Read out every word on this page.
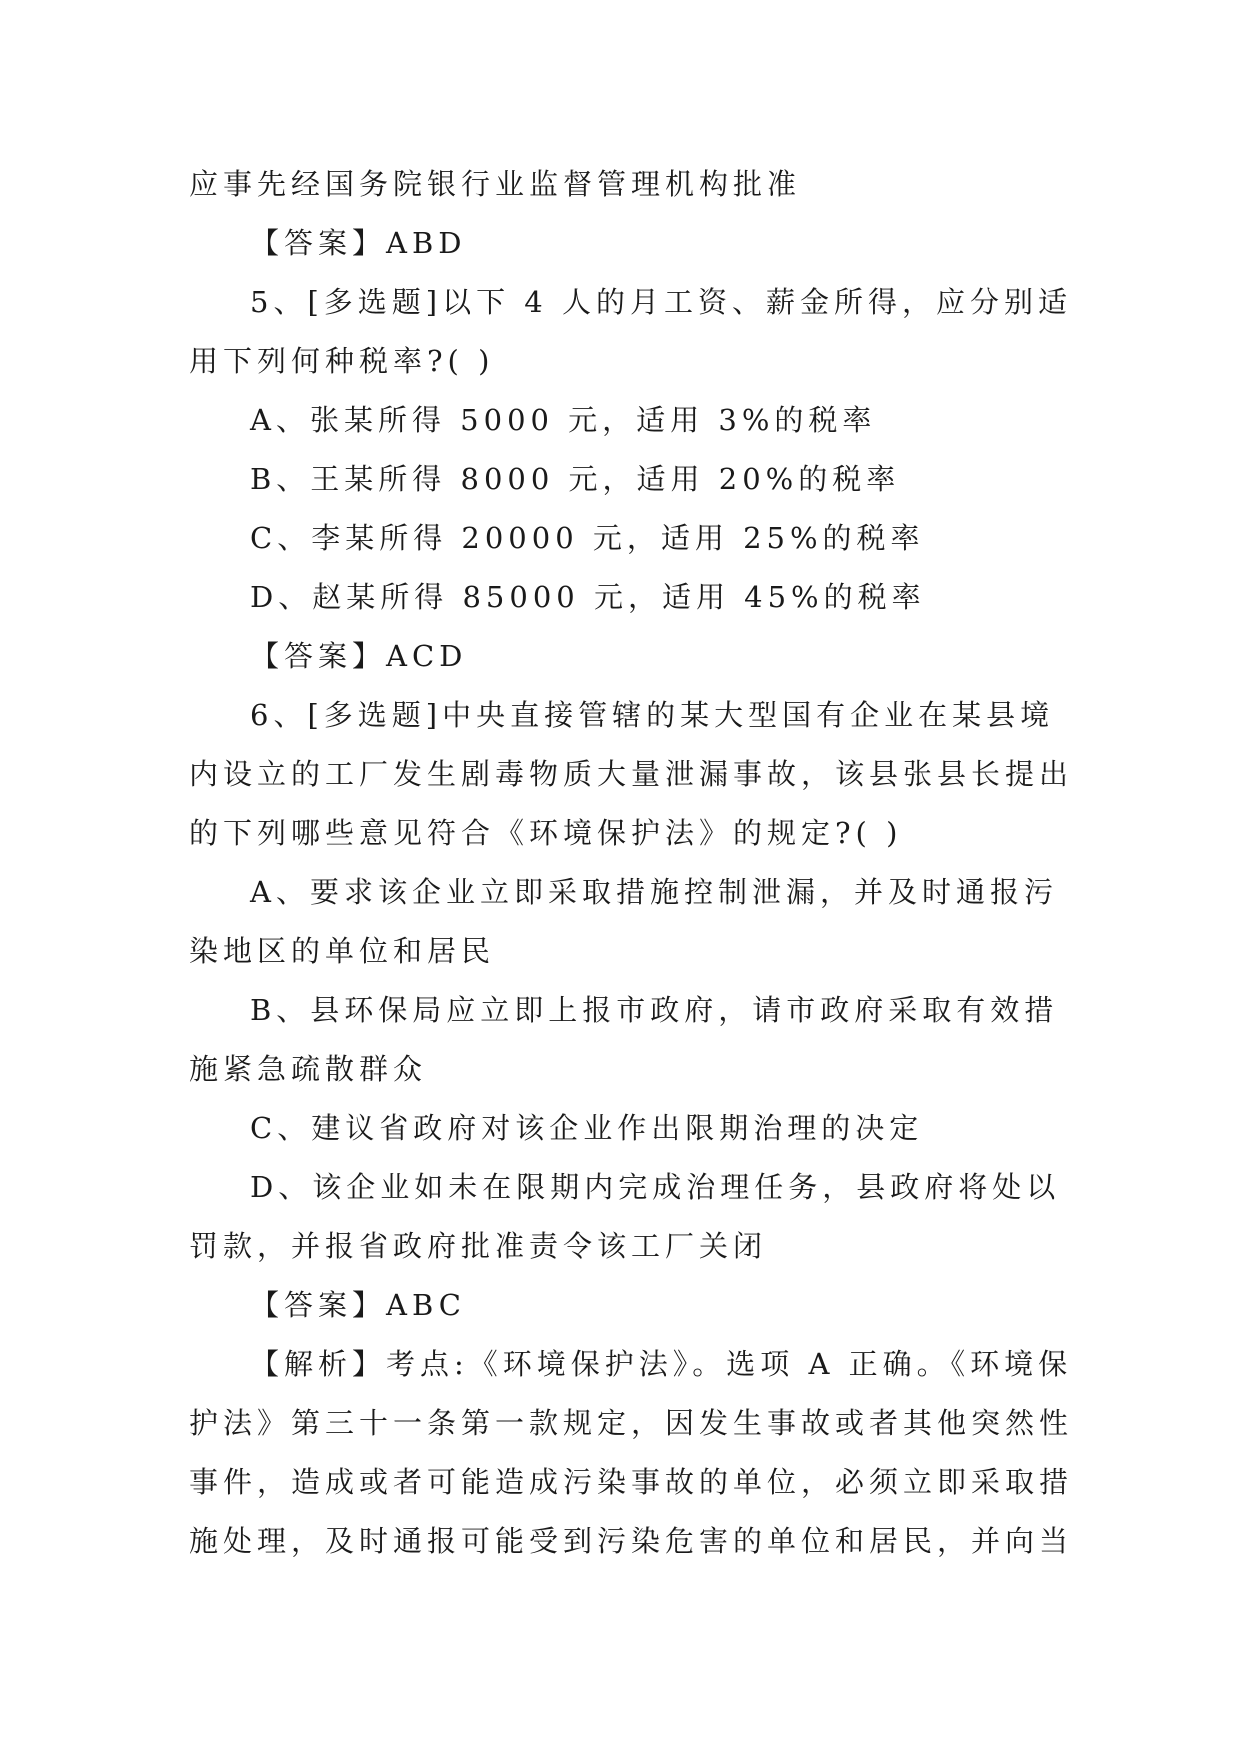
应事先经国务院银行业监督管理机构批准
【答案】ABD
5、[多选题]以下 4 人的月工资、薪金所得，应分别适
用下列何种税率?( )
A、张某所得 5000 元，适用 3%的税率
B、王某所得 8000 元，适用 20%的税率
C、李某所得 20000 元，适用 25%的税率
D、赵某所得 85000 元，适用 45%的税率
【答案】ACD
6、[多选题]中央直接管辖的某大型国有企业在某县境
内设立的工厂发生剧毒物质大量泄漏事故，该县张县长提出
的下列哪些意见符合《环境保护法》的规定?( )
A、要求该企业立即采取措施控制泄漏，并及时通报污
染地区的单位和居民
B、县环保局应立即上报市政府，请市政府采取有效措
施紧急疏散群众
C、建议省政府对该企业作出限期治理的决定
D、该企业如未在限期内完成治理任务，县政府将处以
罚款，并报省政府批准责令该工厂关闭
【答案】ABC
【解析】考点:《环境保护法》。选项 A 正确。《环境保
护法》第三十一条第一款规定，因发生事故或者其他突然性
事件，造成或者可能造成污染事故的单位，必须立即采取措
施处理，及时通报可能受到污染危害的单位和居民，并向当
